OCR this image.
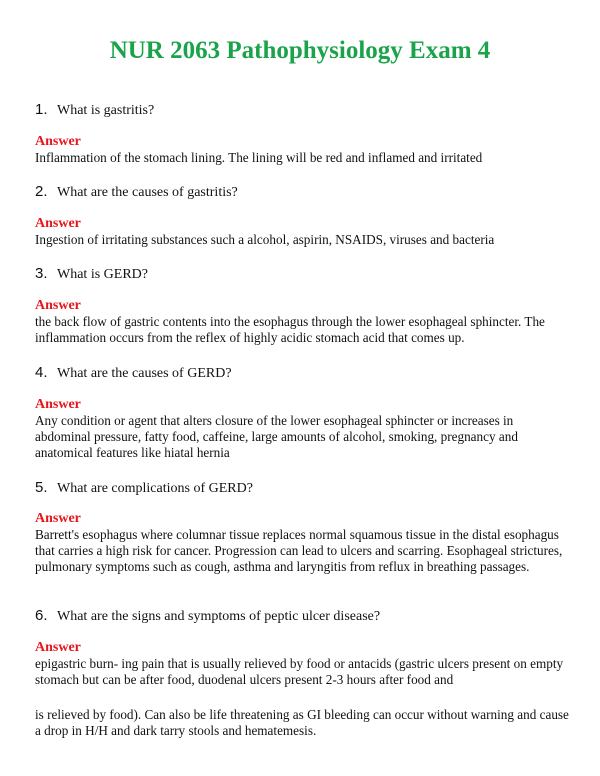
NUR 2063 Pathophysiology Exam 4
1. What is gastritis?
Answer
Inflammation of the stomach lining. The lining will be red and inflamed and irritated
2. What are the causes of gastritis?
Answer
Ingestion of irritating substances such a alcohol, aspirin, NSAIDS, viruses and bacteria
3. What is GERD?
Answer
the back flow of gastric contents into the esophagus through the lower esophageal sphincter. The inflammation occurs from the reflex of highly acidic stomach acid that comes up.
4. What are the causes of GERD?
Answer
Any condition or agent that alters closure of the lower esophageal sphincter or increases in abdominal pressure, fatty food, caffeine, large amounts of alcohol, smoking, pregnancy and anatomical features like hiatal hernia
5. What are complications of GERD?
Answer
Barrett's esophagus where columnar tissue replaces normal squamous tissue in the distal esophagus that carries a high risk for cancer. Progression can lead to ulcers and scarring. Esophageal strictures, pulmonary symptoms such as cough, asthma and laryngitis from reflux in breathing passages.
6. What are the signs and symptoms of peptic ulcer disease?
Answer
epigastric burn- ing pain that is usually relieved by food or antacids (gastric ulcers present on empty stomach but can be after food, duodenal ulcers present 2-3 hours after food and
is relieved by food). Can also be life threatening as GI bleeding can occur without warning and cause a drop in H/H and dark tarry stools and hematemesis.
